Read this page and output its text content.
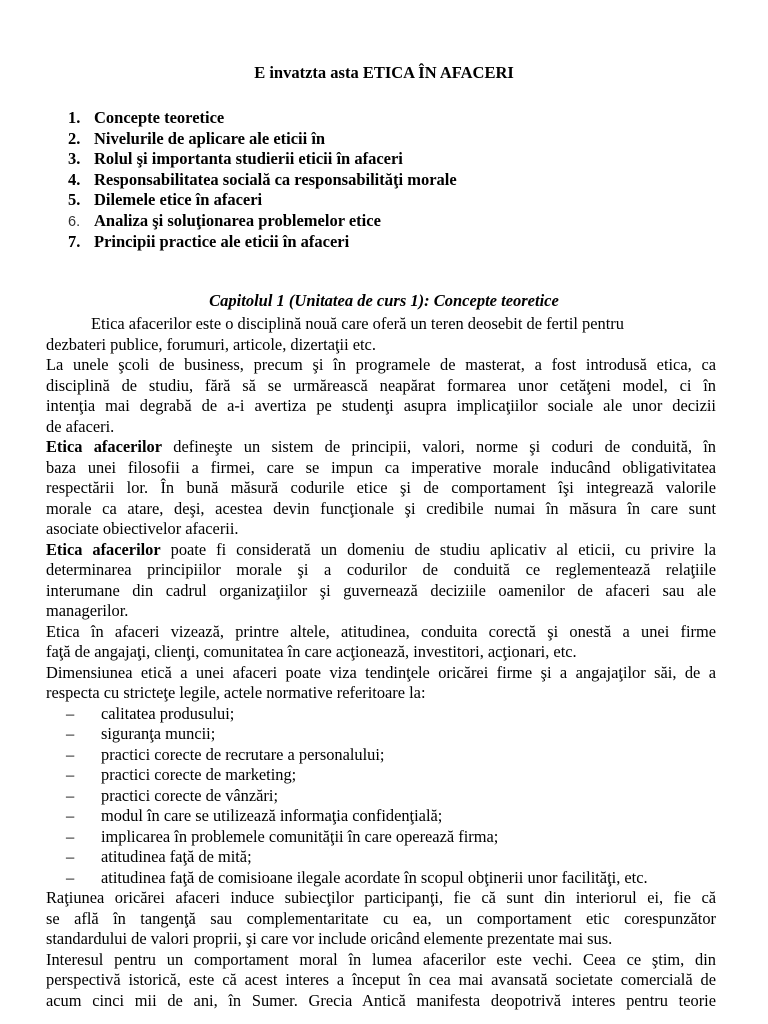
E invatzta asta ETICA ÎN AFACERI
1. Concepte teoretice
2. Nivelurile de aplicare ale eticii în
3. Rolul şi importanta studierii eticii în afaceri
4. Responsabilitatea socială ca responsabilităţi morale
5. Dilemele etice în afaceri
6. Analiza şi soluţionarea problemelor etice
7. Principii practice ale eticii în afaceri
Capitolul 1 (Unitatea de curs 1): Concepte teoretice
Etica afacerilor este o disciplină nouă care oferă un teren deosebit de fertil pentru
dezbateri publice, forumuri, articole, dizertaţii etc.
La unele şcoli de business, precum şi în programele de masterat, a fost introdusă etica, ca
disciplină de studiu, fără să se urmărească neapărat formarea unor cetăţeni model, ci în
intenţia mai degrabă de a-i avertiza pe studenţi asupra implicaţiilor sociale ale unor decizii
de afaceri.
Etica afacerilor defineşte un sistem de principii, valori, norme şi coduri de conduită, în
baza unei filosofii a firmei, care se impun ca imperative morale inducând obligativitatea
respectării lor. În bună măsură codurile etice şi de comportament îşi integrează valorile
morale ca atare, deşi, acestea devin funcţionale şi credibile numai în măsura în care sunt
asociate obiectivelor afacerii.
Etica afacerilor poate fi considerată un domeniu de studiu aplicativ al eticii, cu privire la
determinarea principiilor morale şi a codurilor de conduită ce reglementează relaţiile
interumane din cadrul organizaţiilor şi guvernează deciziile oamenilor de afaceri sau ale
managerilor.
Etica în afaceri vizează, printre altele, atitudinea, conduita corectă şi onestă a unei firme
faţă de angajaţi, clienţi, comunitatea în care acţionează, investitori, acţionari, etc.
Dimensiunea etică a unei afaceri poate viza tendinţele oricărei firme şi a angajaţilor săi, de a
respecta cu stricteţe legile, actele normative referitoare la:
– calitatea produsului;
– siguranţa muncii;
– practici corecte de recrutare a personalului;
– practici corecte de marketing;
– practici corecte de vânzări;
– modul în care se utilizează informaţia confidenţială;
– implicarea în problemele comunităţii în care operează firma;
– atitudinea faţă de mită;
– atitudinea faţă de comisioane ilegale acordate în scopul obţinerii unor facilităţi, etc.
Raţiunea oricărei afaceri induce subiecţilor participanţi, fie că sunt din interiorul ei, fie că
se află în tangenţă sau complementaritate cu ea, un comportament etic corespunzător
standardului de valori proprii, şi care vor include oricând elemente prezentate mai sus.
Interesul pentru un comportament moral în lumea afacerilor este vechi. Ceea ce ştim, din
perspectivă istorică, este că acest interes a început în cea mai avansată societate comercială de
acum cinci mii de ani, în Sumer. Grecia Antică manifesta deopotrivă interes pentru teorie
